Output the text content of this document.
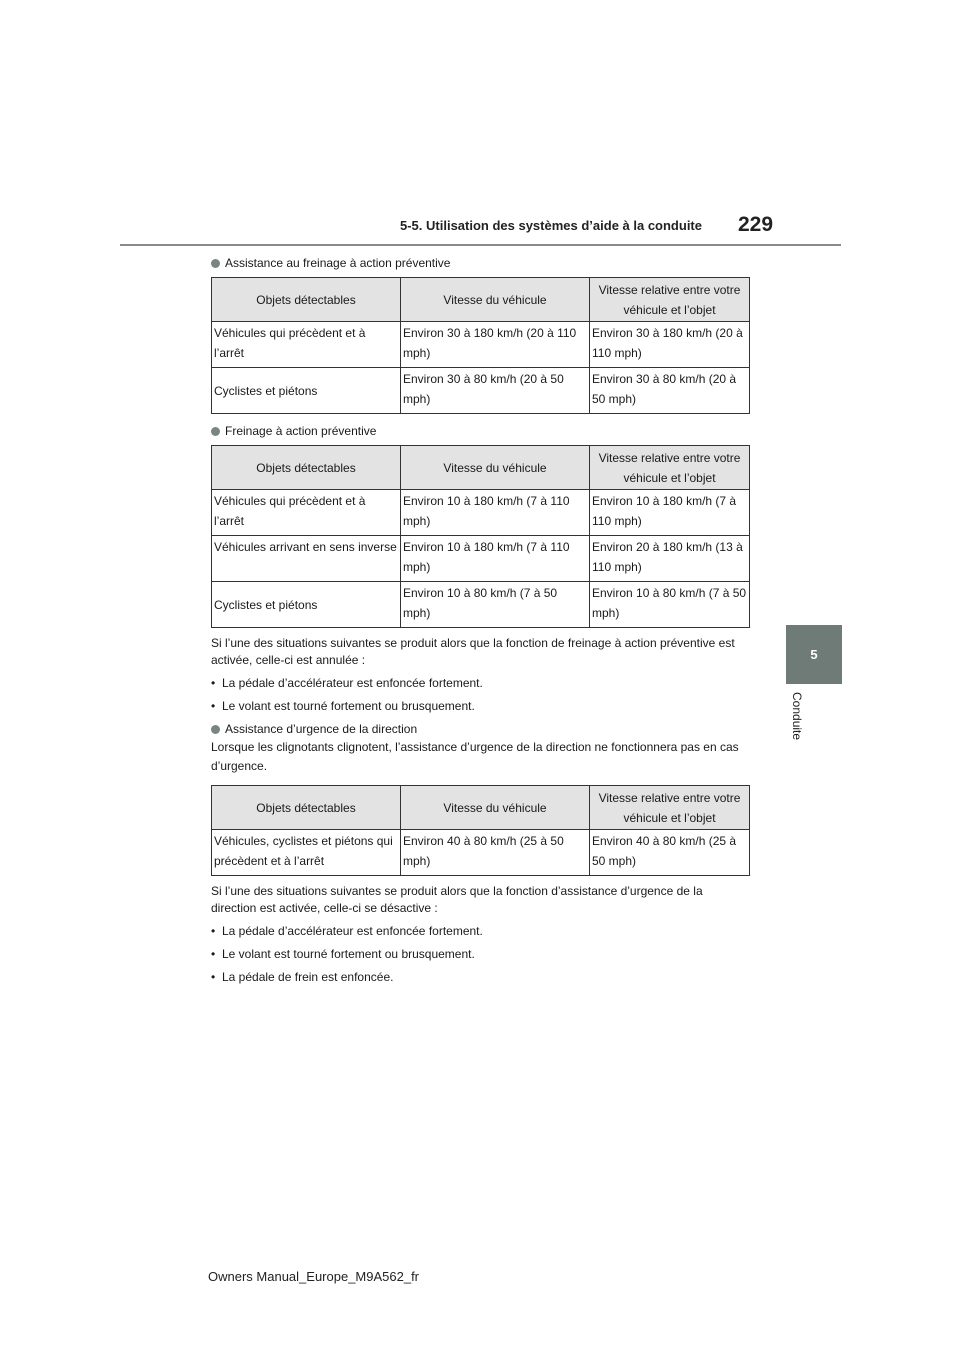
5-5. Utilisation des systèmes d’aide à la conduite 229
5
Conduite
Assistance au freinage à action préventive
Objets détectables	Vitesse du véhicule	Vitesse relative entre votre véhicule et l’objet
Véhicules qui précèdent et à l’arrêt	Environ 30 à 180 km/h (20 à 110 mph)	Environ 30 à 180 km/h (20 à 110 mph)
Cyclistes et piétons	Environ 30 à 80 km/h (20 à 50 mph)	Environ 30 à 80 km/h (20 à 50 mph)
Freinage à action préventive
Objets détectables	Vitesse du véhicule	Vitesse relative entre votre véhicule et l’objet
Véhicules qui précèdent et à l’arrêt	Environ 10 à 180 km/h (7 à 110 mph)	Environ 10 à 180 km/h (7 à 110 mph)
Véhicules arrivant en sens inverse	Environ 10 à 180 km/h (7 à 110 mph)	Environ 20 à 180 km/h (13 à 110 mph)
Cyclistes et piétons	Environ 10 à 80 km/h (7 à 50 mph)	Environ 10 à 80 km/h (7 à 50 mph)

Si l’une des situations suivantes se produit alors que la fonction de freinage à action préventive est activée, celle-ci est annulée :

• La pédale d’accélérateur est enfoncée fortement.
• Le volant est tourné fortement ou brusquement.
Assistance d’urgence de la direction

Lorsque les clignotants clignotent, l’assistance d’urgence de la direction ne fonctionnera pas en cas d’urgence.

Objets détectables	Vitesse du véhicule	Vitesse relative entre votre véhicule et l’objet
Véhicules, cyclistes et piétons qui précèdent et à l’arrêt	Environ 40 à 80 km/h (25 à 50 mph)	Environ 40 à 80 km/h (25 à 50 mph)

Si l’une des situations suivantes se produit alors que la fonction d’assistance d’urgence de la direction est activée, celle-ci se désactive :

• La pédale d’accélérateur est enfoncée fortement.
• Le volant est tourné fortement ou brusquement.
• La pédale de frein est enfoncée.
Owners Manual_Europe_M9A562_fr
